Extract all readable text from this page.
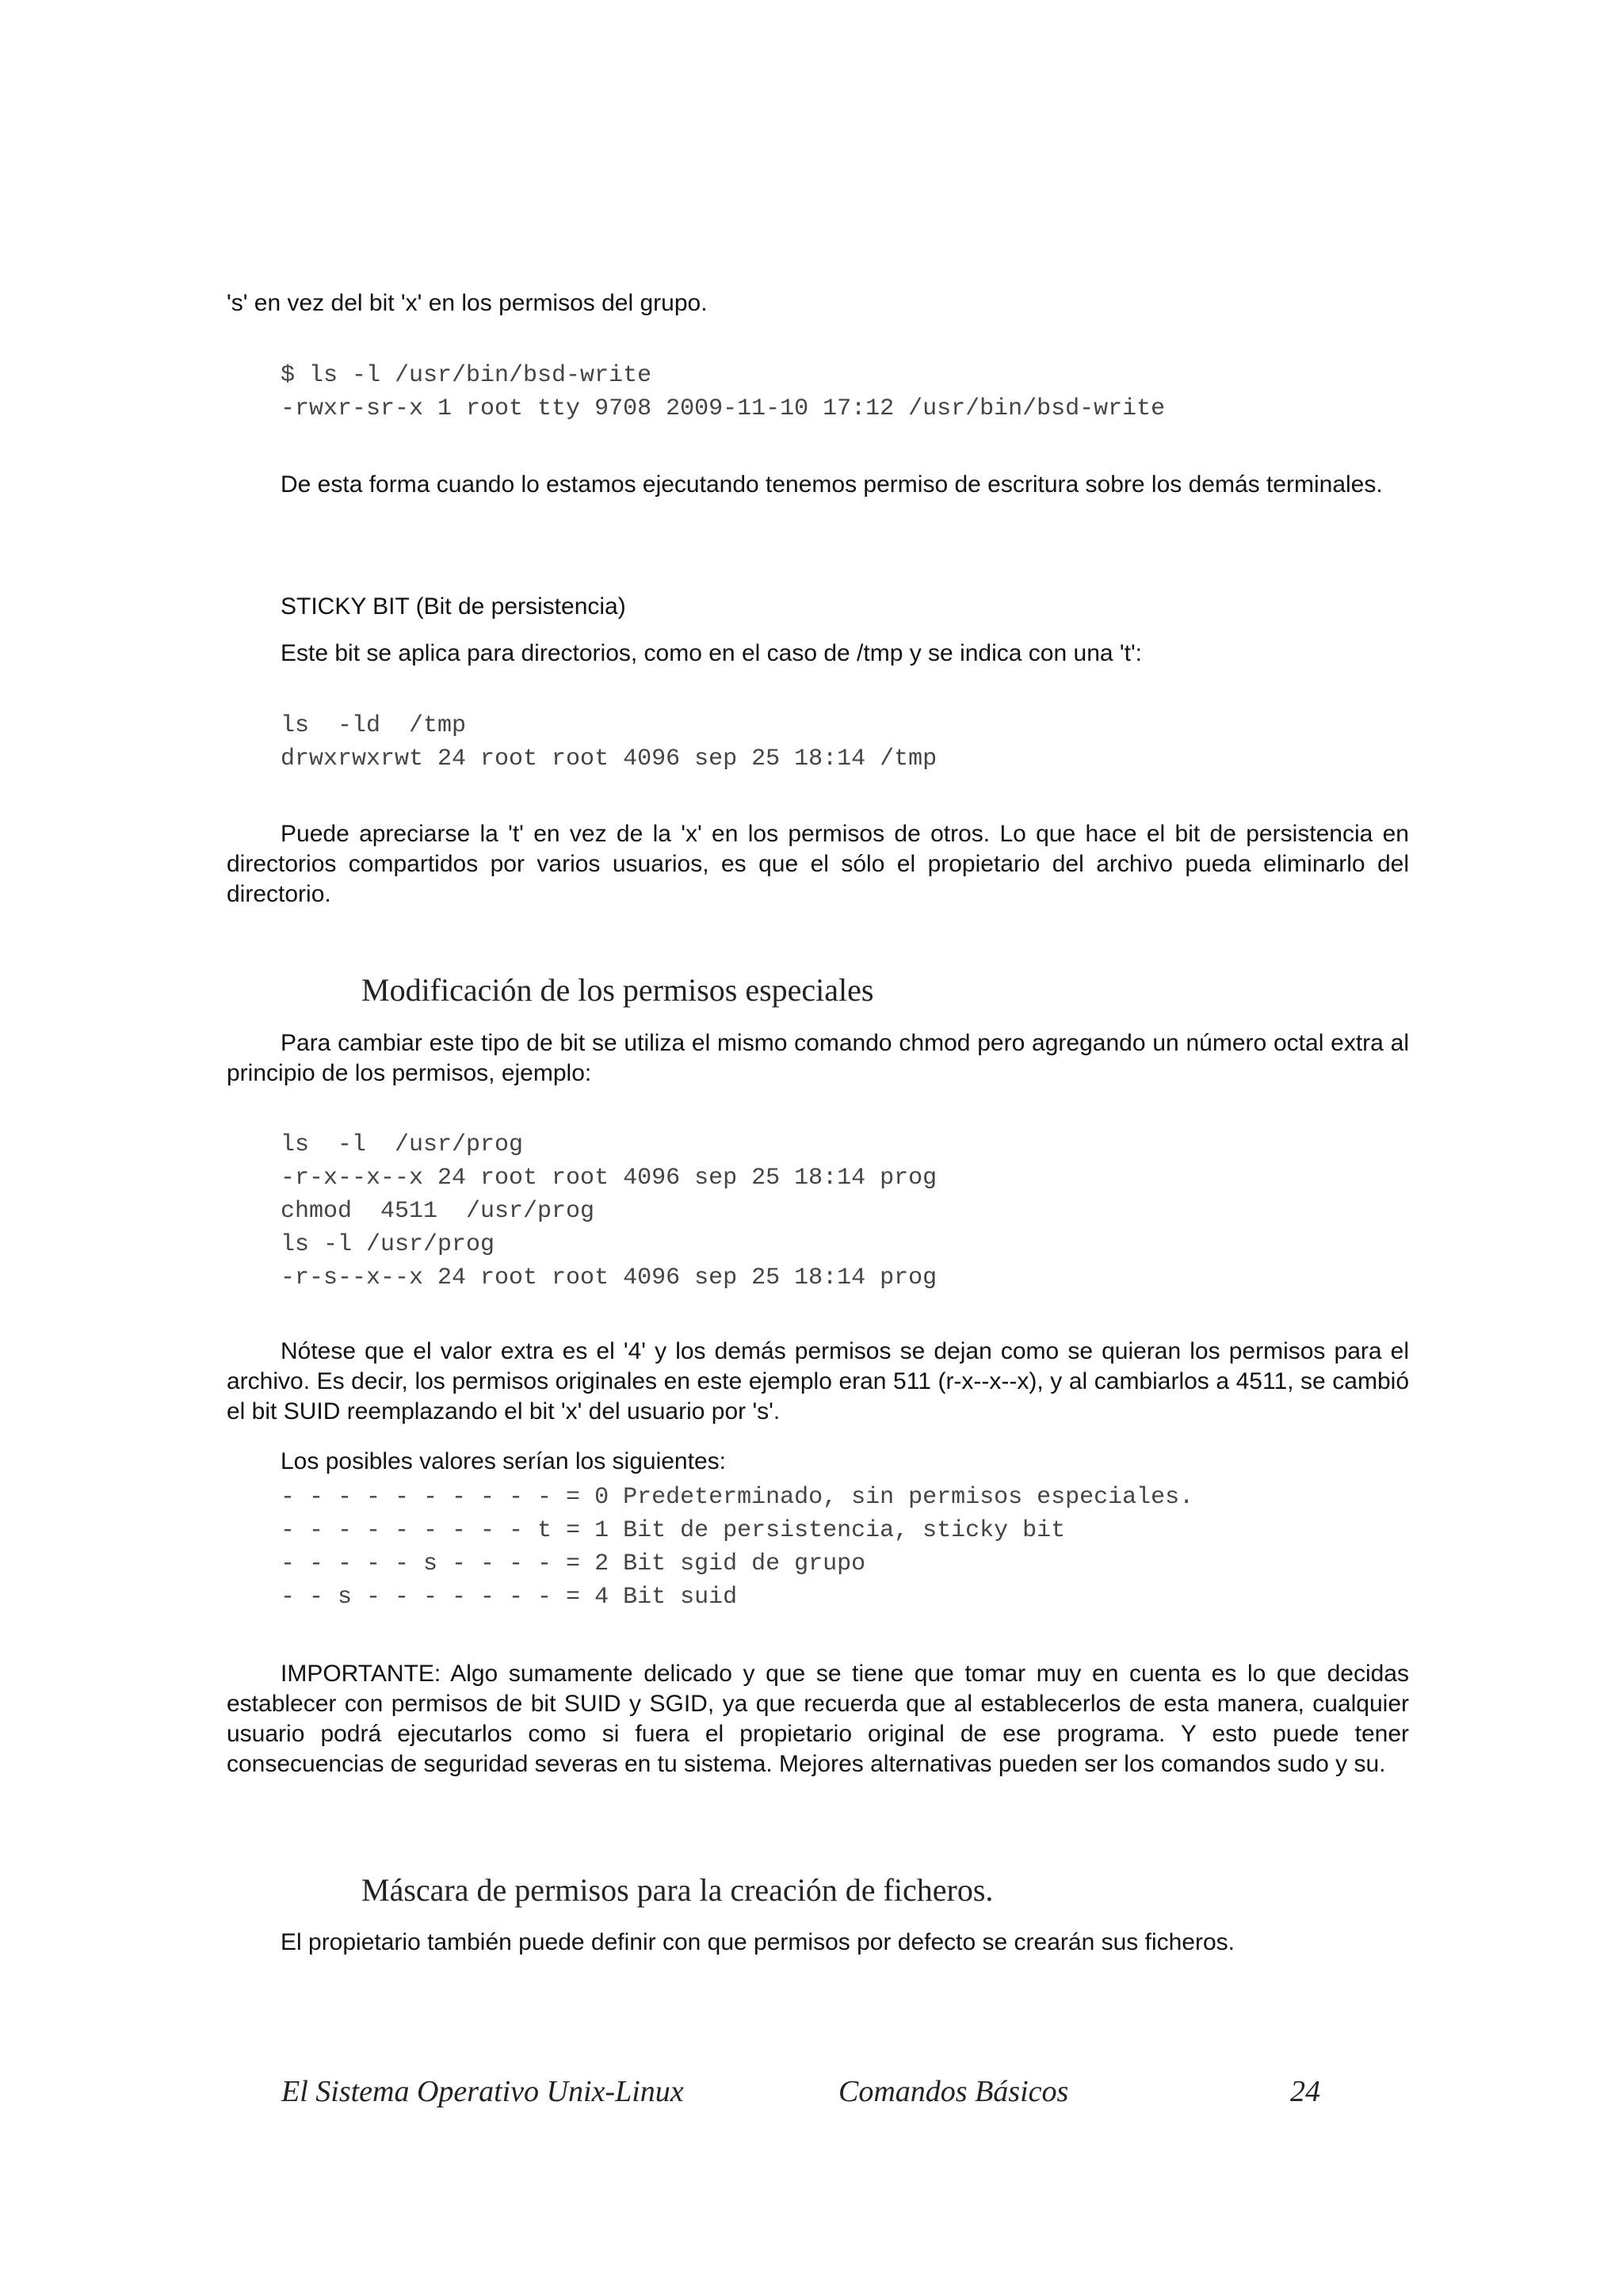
's' en vez del bit 'x' en los permisos del grupo.

$ ls -l /usr/bin/bsd-write
-rwxr-sr-x 1 root tty 9708 2009-11-10 17:12 /usr/bin/bsd-write

De esta forma cuando lo estamos ejecutando tenemos permiso de escritura sobre los demás terminales.

STICKY BIT (Bit de persistencia)
Este bit se aplica para directorios, como en el caso de /tmp y se indica con una 't':
ls  -ld  /tmp
drwxrwxrwt 24 root root 4096 sep 25 18:14 /tmp

Puede apreciarse la 't' en vez de la 'x' en los permisos de otros. Lo que hace el bit de persistencia en directorios compartidos por varios usuarios, es que el sólo el propietario del archivo pueda eliminarlo del directorio.

Modificación de los permisos especiales

Para cambiar este tipo de bit se utiliza el mismo comando chmod pero agregando un número octal extra al principio de los permisos, ejemplo:

ls  -l  /usr/prog
-r-x--x--x 24 root root 4096 sep 25 18:14 prog
chmod  4511  /usr/prog
ls -l /usr/prog
-r-s--x--x 24 root root 4096 sep 25 18:14 prog

Nótese que el valor extra es el '4' y los demás permisos se dejan como se quieran los permisos para el archivo. Es decir, los permisos originales en este ejemplo eran 511 (r-x--x--x), y al cambiarlos a 4511, se cambió el bit SUID reemplazando el bit 'x' del usuario por 's'.

Los posibles valores serían los siguientes:
- - - - - - - - - - = 0 Predeterminado, sin permisos especiales.
- - - - - - - - - t = 1 Bit de persistencia, sticky bit
- - - - - s - - - - = 2 Bit sgid de grupo
- - s - - - - - - - = 4 Bit suid

IMPORTANTE: Algo sumamente delicado y que se tiene que tomar muy en cuenta es lo que decidas establecer con permisos de bit SUID y SGID, ya que recuerda que al establecerlos de esta manera, cualquier usuario podrá ejecutarlos como si fuera el propietario original de ese programa. Y esto puede tener consecuencias de seguridad severas en tu sistema. Mejores alternativas pueden ser los comandos sudo y su.

Máscara de permisos para la creación de ficheros.
El propietario también puede definir con que permisos por defecto se crearán sus ficheros.
El Sistema Operativo Unix-Linux	Comandos Básicos	24
